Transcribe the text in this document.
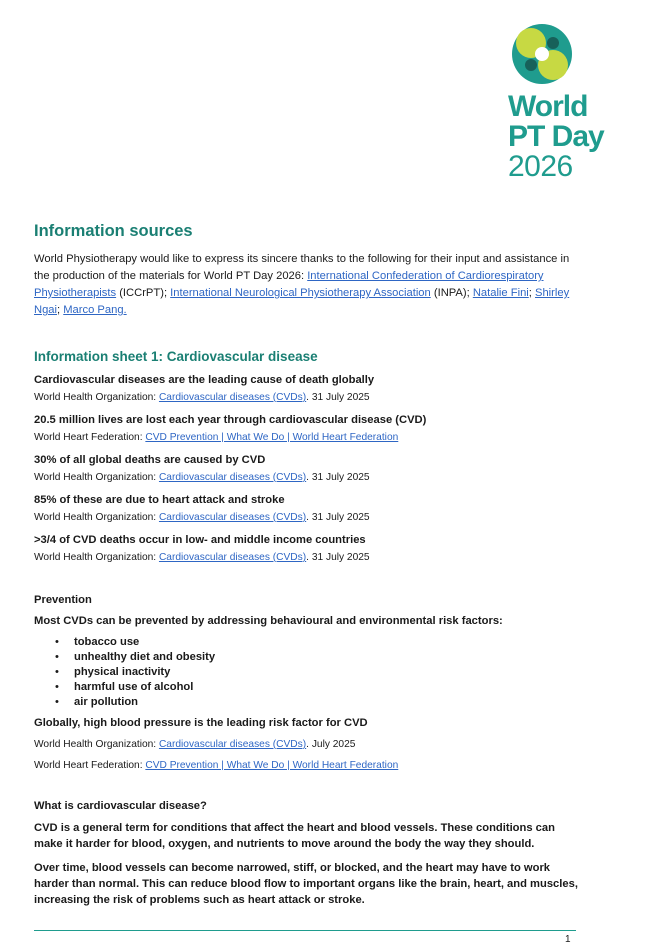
World
PT Day
2026
Information sources

World Physiotherapy would like to express its sincere thanks to the following for their input and assistance in the production of the materials for World PT Day 2026: International Confederation of Cardiorespiratory Physiotherapists (ICCrPT); International Neurological Physiotherapy Association (INPA); Natalie Fini; Shirley Ngai; Marco Pang.

Information sheet 1: Cardiovascular disease
Cardiovascular diseases are the leading cause of death globally
World Health Organization: Cardiovascular diseases (CVDs). 31 July 2025
20.5 million lives are lost each year through cardiovascular disease (CVD)
World Heart Federation: CVD Prevention | What We Do | World Heart Federation
30% of all global deaths are caused by CVD
World Health Organization: Cardiovascular diseases (CVDs). 31 July 2025
85% of these are due to heart attack and stroke
World Health Organization: Cardiovascular diseases (CVDs). 31 July 2025
>3/4 of CVD deaths occur in low- and middle income countries
World Health Organization: Cardiovascular diseases (CVDs). 31 July 2025
Prevention

Most CVDs can be prevented by addressing behavioural and environmental risk factors:

• tobacco use
• unhealthy diet and obesity
• physical inactivity
• harmful use of alcohol
• air pollution

Globally, high blood pressure is the leading risk factor for CVD

World Health Organization: Cardiovascular diseases (CVDs). July 2025
World Heart Federation: CVD Prevention | What We Do | World Heart Federation
What is cardiovascular disease?

CVD is a general term for conditions that affect the heart and blood vessels. These conditions can make it harder for blood, oxygen, and nutrients to move around the body the way they should.

Over time, blood vessels can become narrowed, stiff, or blocked, and the heart may have to work harder than normal. This can reduce blood flow to important organs like the brain, heart, and muscles, increasing the risk of problems such as heart attack or stroke.

1
